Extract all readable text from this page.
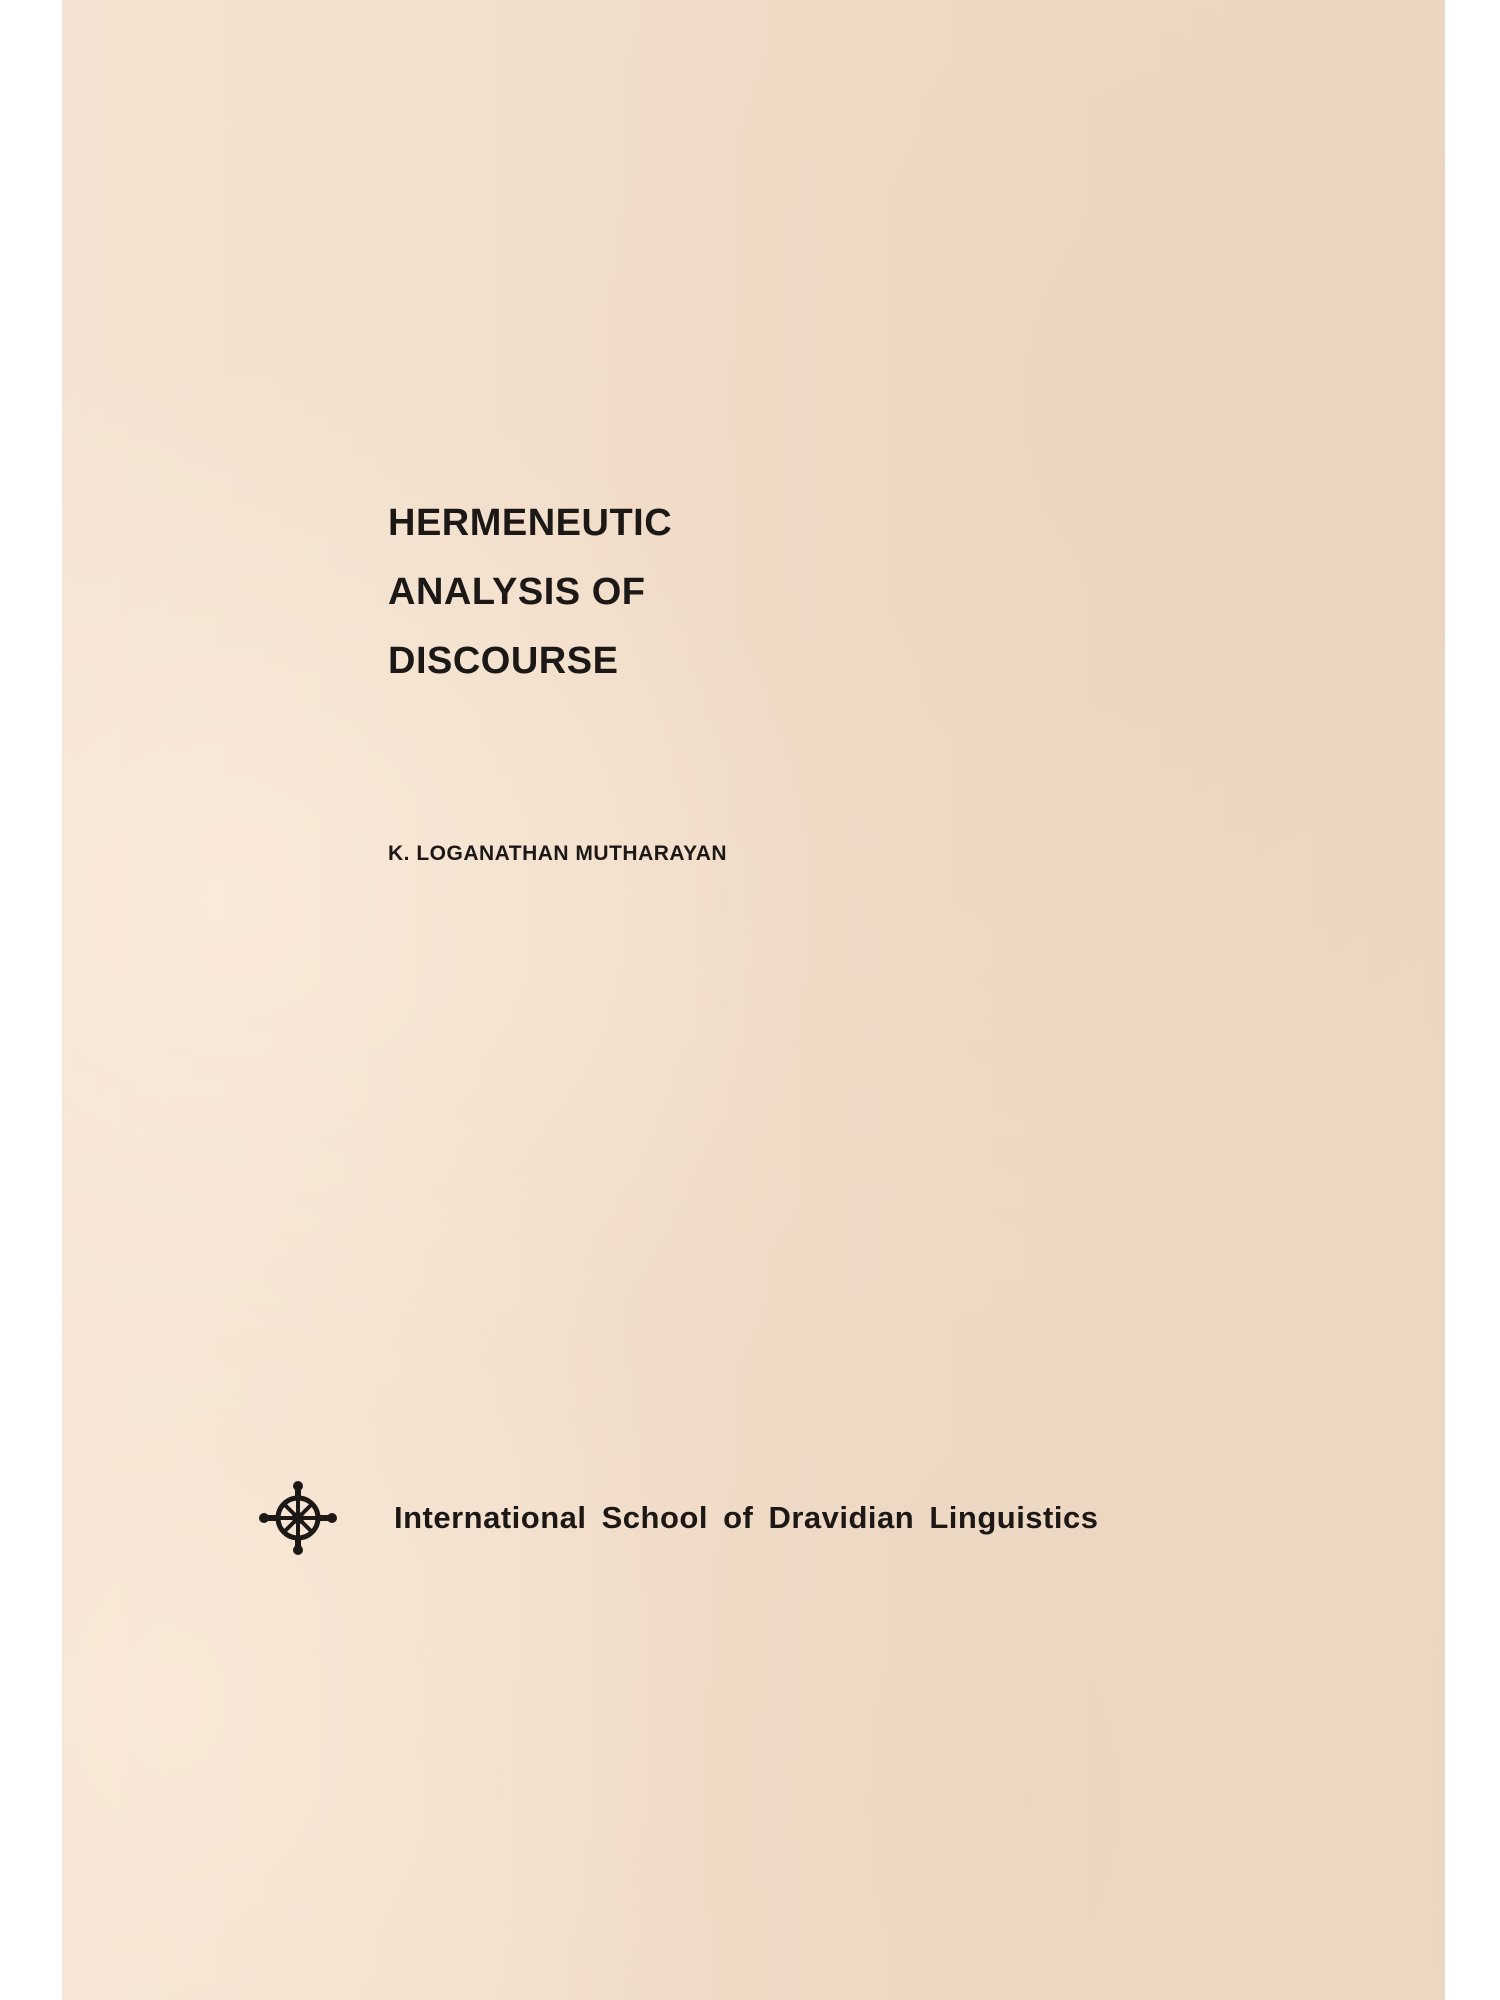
HERMENEUTIC
ANALYSIS OF
DISCOURSE
K. LOGANATHAN MUTHARAYAN
International School of Dravidian Linguistics
